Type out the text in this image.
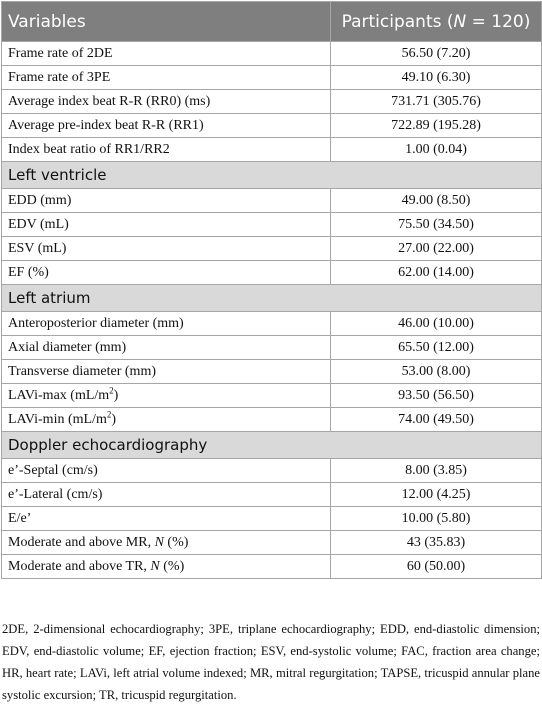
Variables	Participants (N = 120)
Frame rate of 2DE	56.50 (7.20)
Frame rate of 3PE	49.10 (6.30)
Average index beat R-R (RR0) (ms)	731.71 (305.76)
Average pre-index beat R-R (RR1)	722.89 (195.28)
Index beat ratio of RR1/RR2	1.00 (0.04)
Left ventricle	
EDD (mm)	49.00 (8.50)
EDV (mL)	75.50 (34.50)
ESV (mL)	27.00 (22.00)
EF (%)	62.00 (14.00)
Left atrium	
Anteroposterior diameter (mm)	46.00 (10.00)
Axial diameter (mm)	65.50 (12.00)
Transverse diameter (mm)	53.00 (8.00)
LAVi-max $(mL/m^2)$	93.50 (56.50)
LAVi-min $(mL/m^2)$	74.00 (49.50)
Doppler echocardiography	
e’-Septal (cm/s)	8.00 (3.85)
e’-Lateral (cm/s)	12.00 (4.25)
E/e’	10.00 (5.80)
Moderate and above MR, N (%)	43 (35.83)
Moderate and above TR, N (%)	60 (50.00)
2DE, 2-dimensional echocardiography; 3PE, triplane echocardiography; EDD, end-diastolic dimension; EDV, end-diastolic volume; EF, ejection fraction; ESV, end-systolic volume; FAC, fraction area change; HR, heart rate; LAVi, left atrial volume indexed; MR, mitral regurgitation; TAPSE, tricuspid annular plane systolic excursion; TR, tricuspid regurgitation.
